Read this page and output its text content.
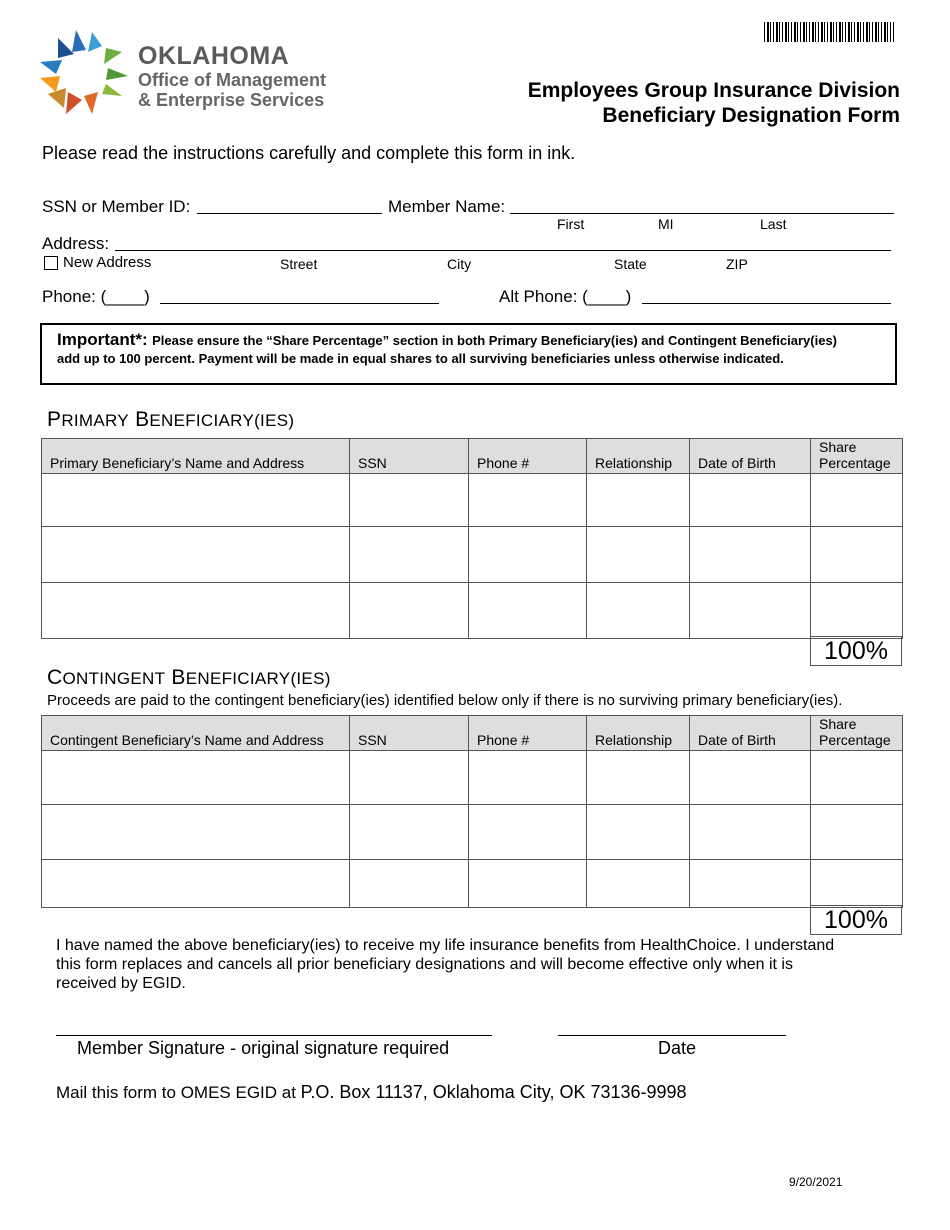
OKLAHOMA
Office of Management
& Enterprise Services	Employees Group Insurance Division
Beneficiary Designation Form
Please read the instructions carefully and complete this form in ink.
SSN or Member ID:	Member Name:
First	MI	Last
Address:
New Address	Street	City	State	ZIP
Phone: (____)	Alt Phone: (____)
Important*: Please ensure the “Share Percentage” section in both Primary Beneficiary(ies) and Contingent Beneficiary(ies)
add up to 100 percent. Payment will be made in equal shares to all surviving beneficiaries unless otherwise indicated.
PRIMARY BENEFICIARY(IES)
Primary Beneficiary’s Name and Address	SSN	Phone #	Relationship	Date of Birth	Share Percentage

100%
CONTINGENT BENEFICIARY(IES)
Proceeds are paid to the contingent beneficiary(ies) identified below only if there is no surviving primary beneficiary(ies).
Contingent Beneficiary’s Name and Address	SSN	Phone #	Relationship	Date of Birth	Share Percentage

100%
I have named the above beneficiary(ies) to receive my life insurance benefits from HealthChoice. I understand this form replaces and cancels all prior beneficiary designations and will become effective only when it is received by EGID.
Member Signature - original signature required	Date
Mail this form to OMES EGID at P.O. Box 11137, Oklahoma City, OK 73136-9998
9/20/2021
